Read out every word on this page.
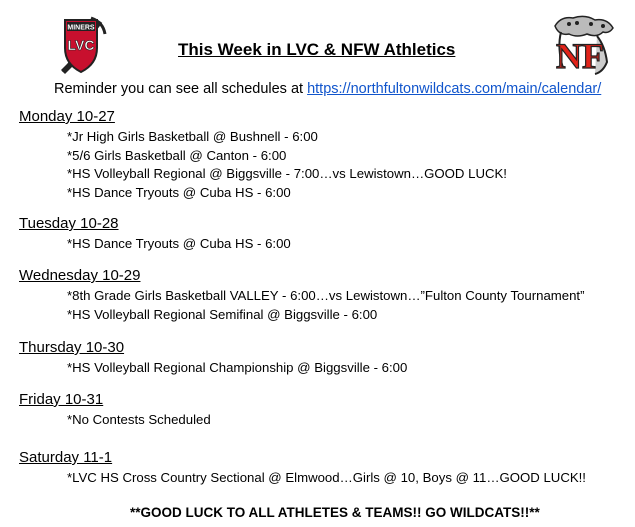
MINERS
LVC	This Week in LVC & NFW Athletics	NF
Reminder you can see all schedules at https://northfultonwildcats.com/main/calendar/
Monday 10-27
*Jr High Girls Basketball @ Bushnell - 6:00
*5/6 Girls Basketball @ Canton - 6:00
*HS Volleyball Regional @ Biggsville - 7:00…vs Lewistown…GOOD LUCK!
*HS Dance Tryouts @ Cuba HS - 6:00
Tuesday 10-28
*HS Dance Tryouts @ Cuba HS - 6:00
Wednesday 10-29
*8th Grade Girls Basketball VALLEY - 6:00…vs Lewistown…”Fulton County Tournament”
*HS Volleyball Regional Semifinal @ Biggsville - 6:00
Thursday 10-30
*HS Volleyball Regional Championship @ Biggsville - 6:00
Friday 10-31
*No Contests Scheduled
Saturday 11-1
*LVC HS Cross Country Sectional @ Elmwood…Girls @ 10, Boys @ 11…GOOD LUCK!!
**GOOD LUCK TO ALL ATHLETES & TEAMS!! GO WILDCATS!!**
